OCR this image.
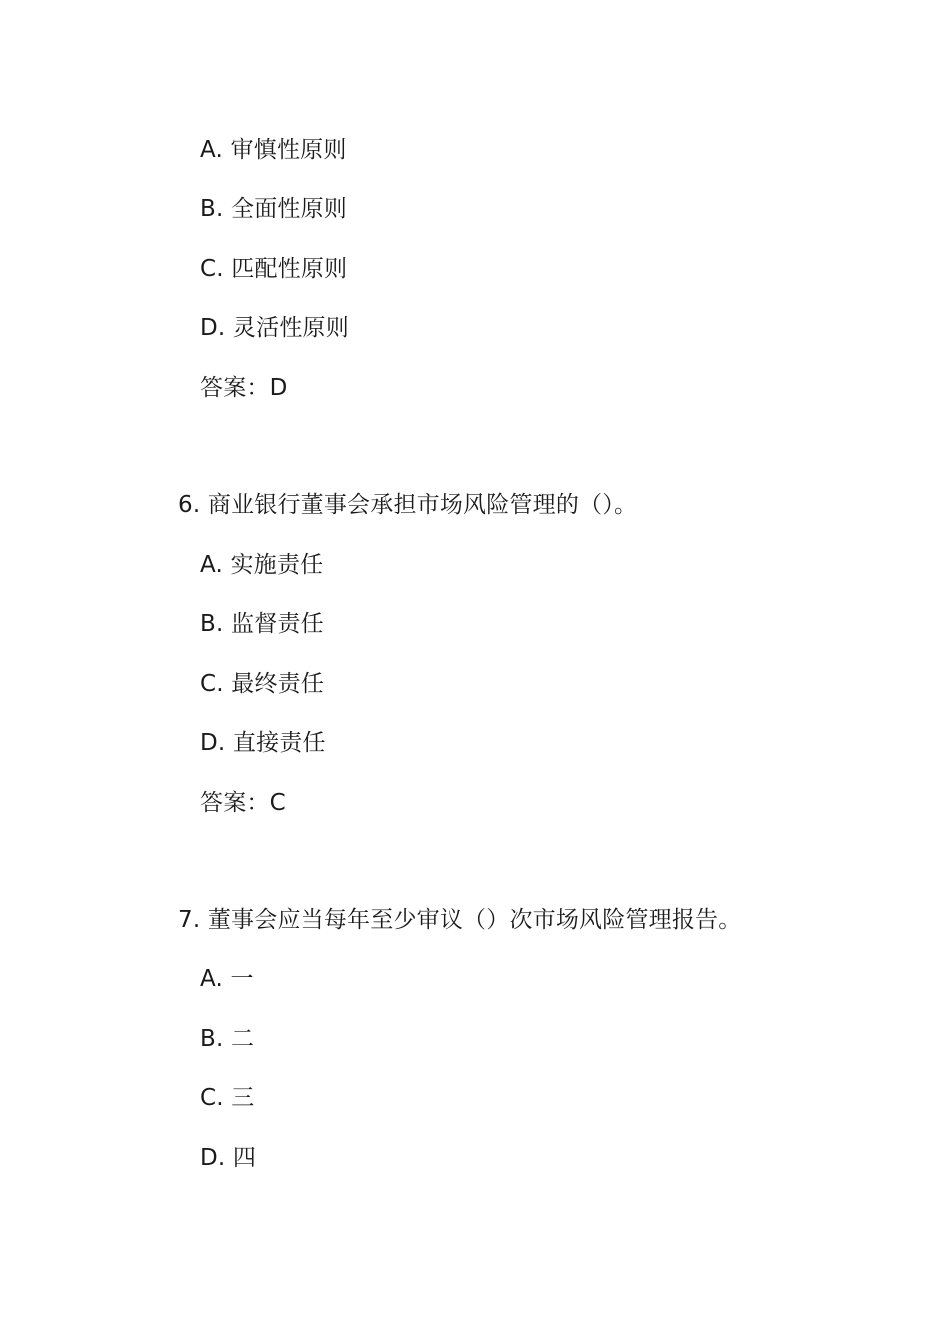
A. 审慎性原则
B. 全面性原则
C. 匹配性原则
D. 灵活性原则
答案：D
6. 商业银行董事会承担市场风险管理的（）。
A. 实施责任
B. 监督责任
C. 最终责任
D. 直接责任
答案：C
7. 董事会应当每年至少审议（）次市场风险管理报告。
A. 一
B. 二
C. 三
D. 四
